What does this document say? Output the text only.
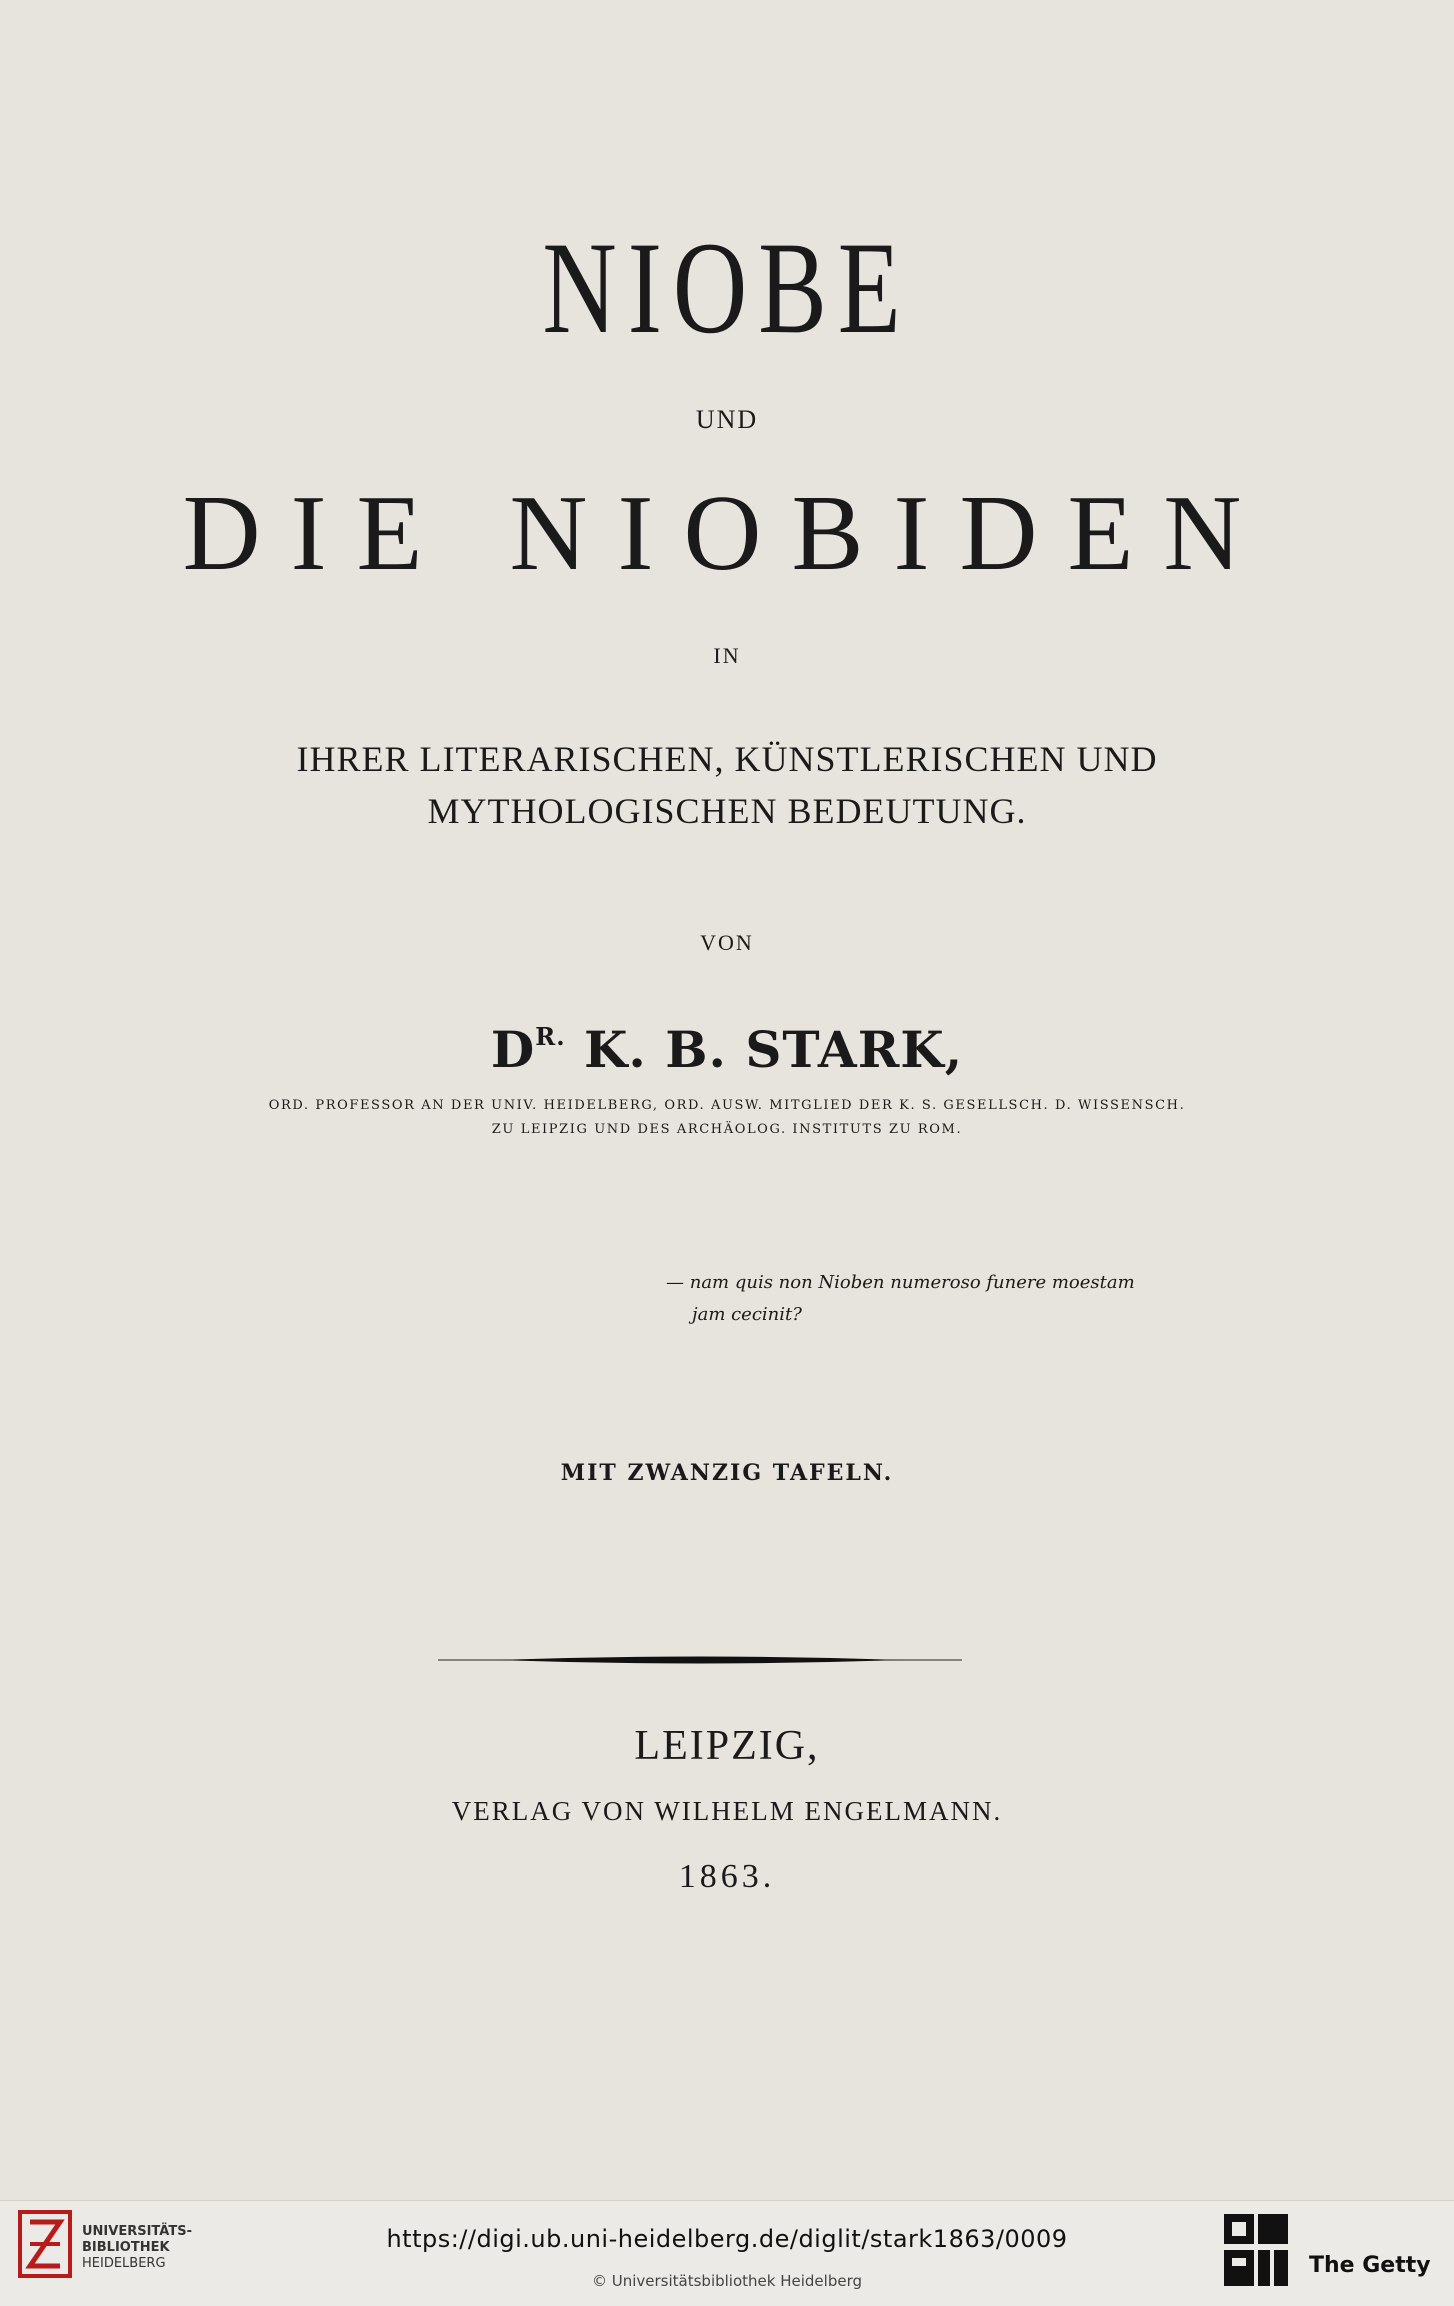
NIOBE
UND
DIE NIOBIDEN
IN
IHRER LITERARISCHEN, KÜNSTLERISCHEN UND
MYTHOLOGISCHEN BEDEUTUNG.
VON
$D^{R.}$ K. B. STARK,
ORD. PROFESSOR AN DER UNIV. HEIDELBERG, ORD. AUSW. MITGLIED DER K. S. GESELLSCH. D. WISSENSCH.
ZU LEIPZIG UND DES ARCHÄOLOG. INSTITUTS ZU ROM.
— nam quis non Nioben numeroso funere moestam
jam cecinit?
MIT ZWANZIG TAFELN.
LEIPZIG,
VERLAG VON WILHELM ENGELMANN.
1863.
UNIVERSITÄTS-
BIBLIOTHEK
HEIDELBERG
https://digi.ub.uni-heidelberg.de/diglit/stark1863/0009
© Universitätsbibliothek Heidelberg
The Getty
